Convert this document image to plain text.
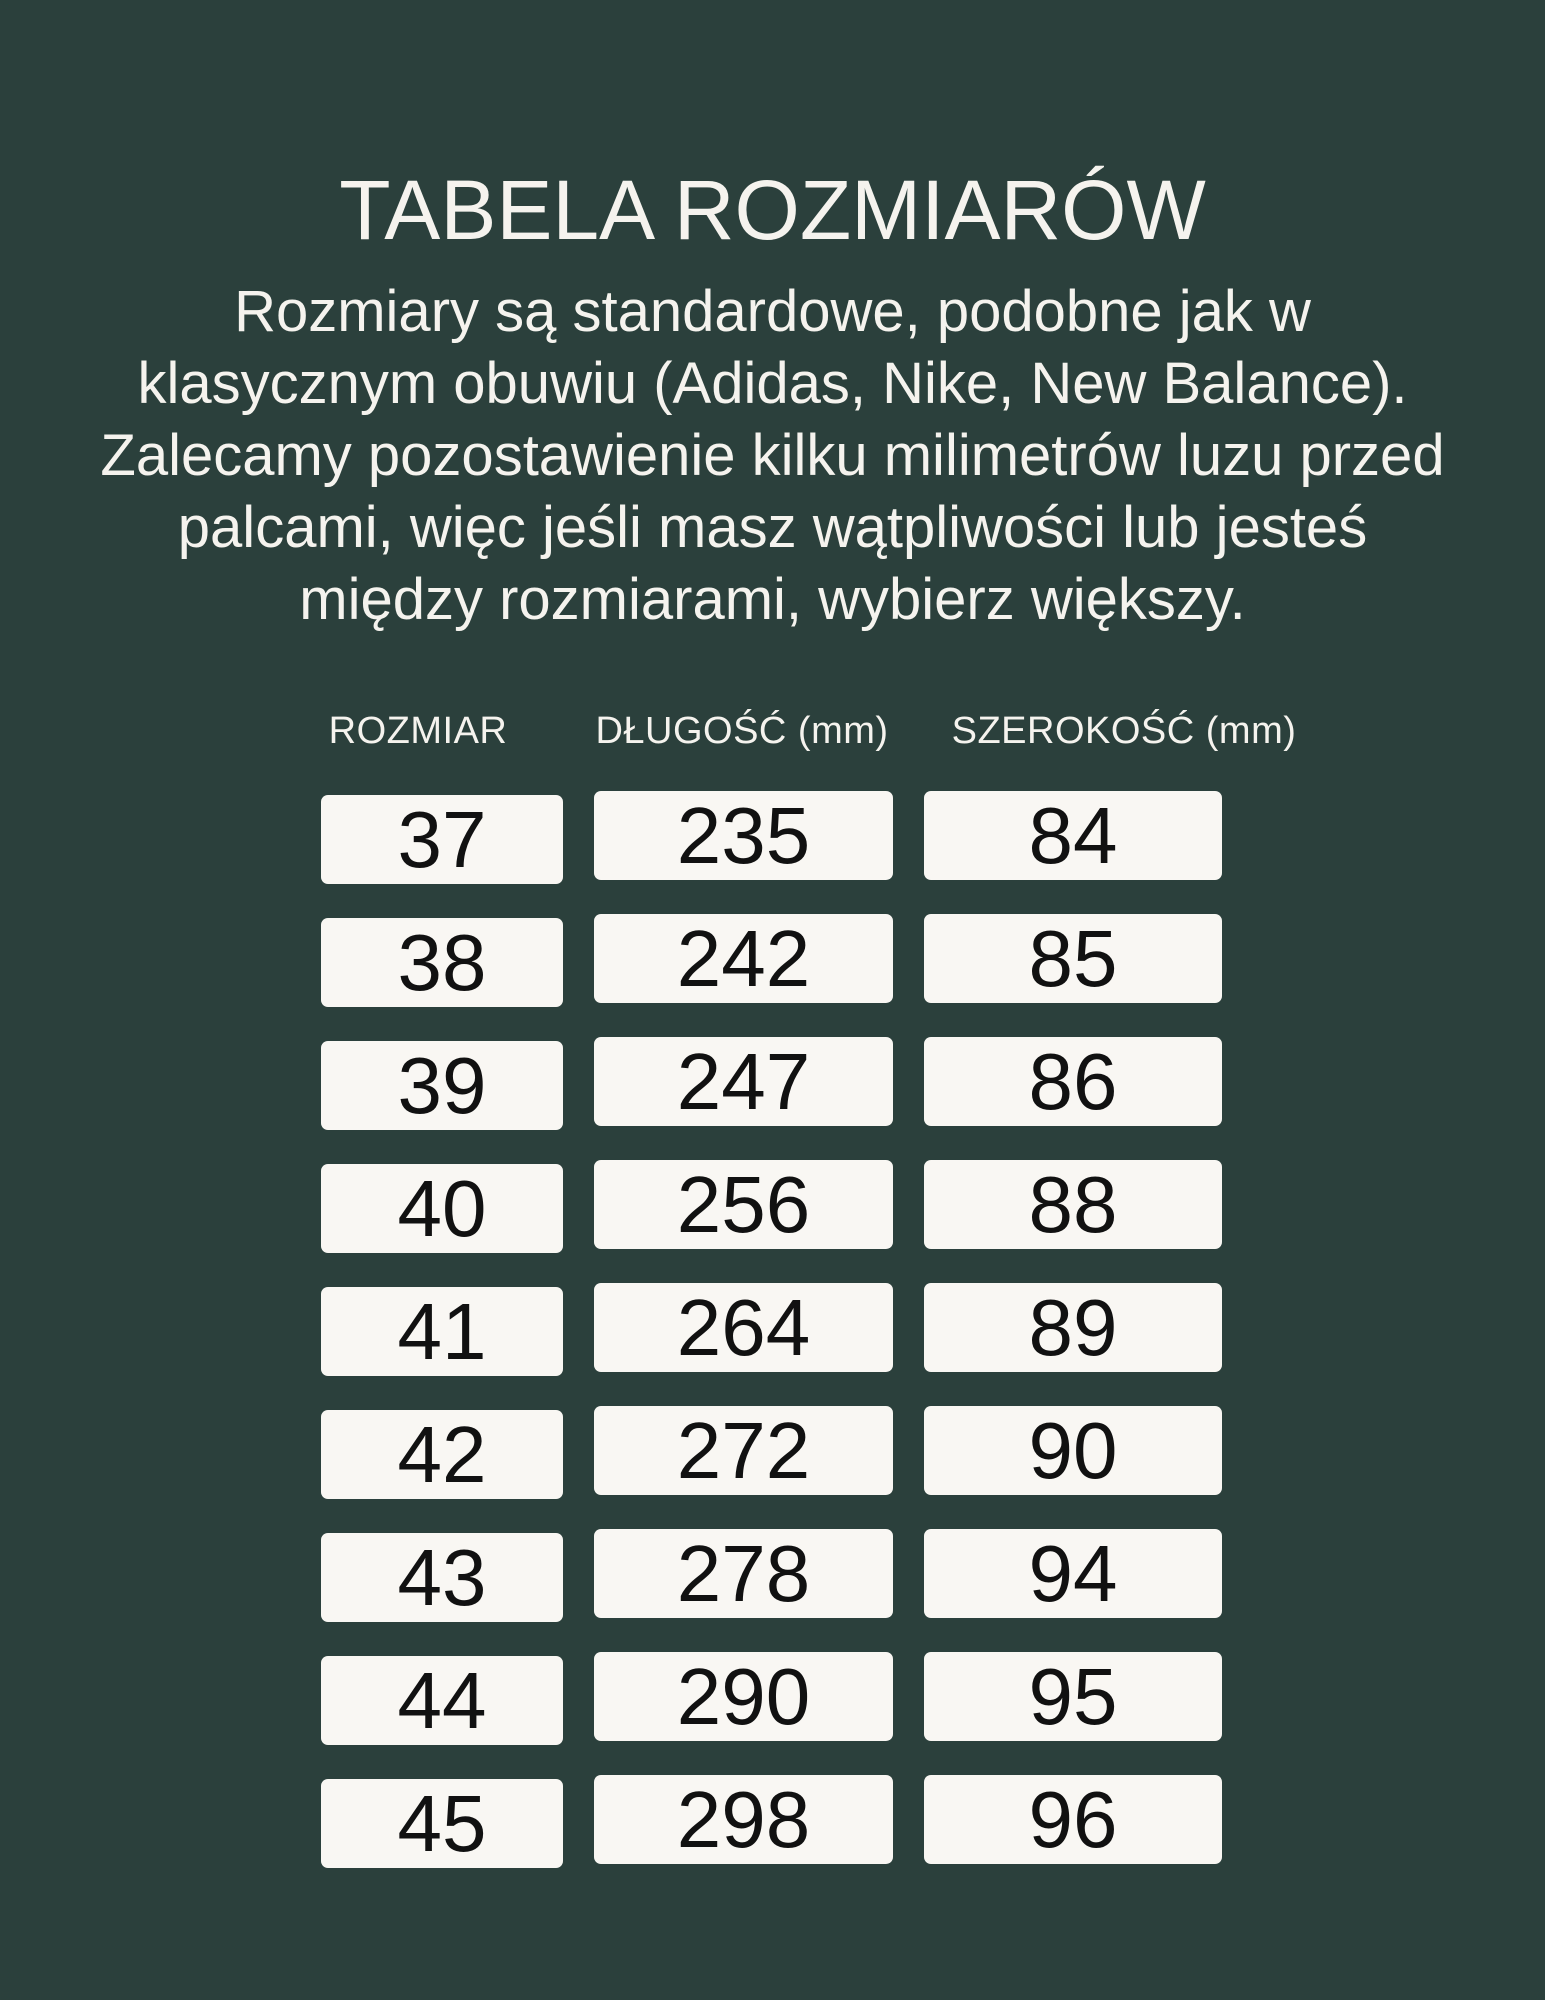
TABELA ROZMIARÓW
Rozmiary są standardowe, podobne jak w
klasycznym obuwiu (Adidas, Nike, New Balance).
Zalecamy pozostawienie kilku milimetrów luzu przed
palcami, więc jeśli masz wątpliwości lub jesteś
między rozmiarami, wybierz większy.
ROZMIAR	DŁUGOŚĆ (mm)	SZEROKOŚĆ (mm)
37	235	84
38	242	85
39	247	86
40	256	88
41	264	89
42	272	90
43	278	94
44	290	95
45	298	96
